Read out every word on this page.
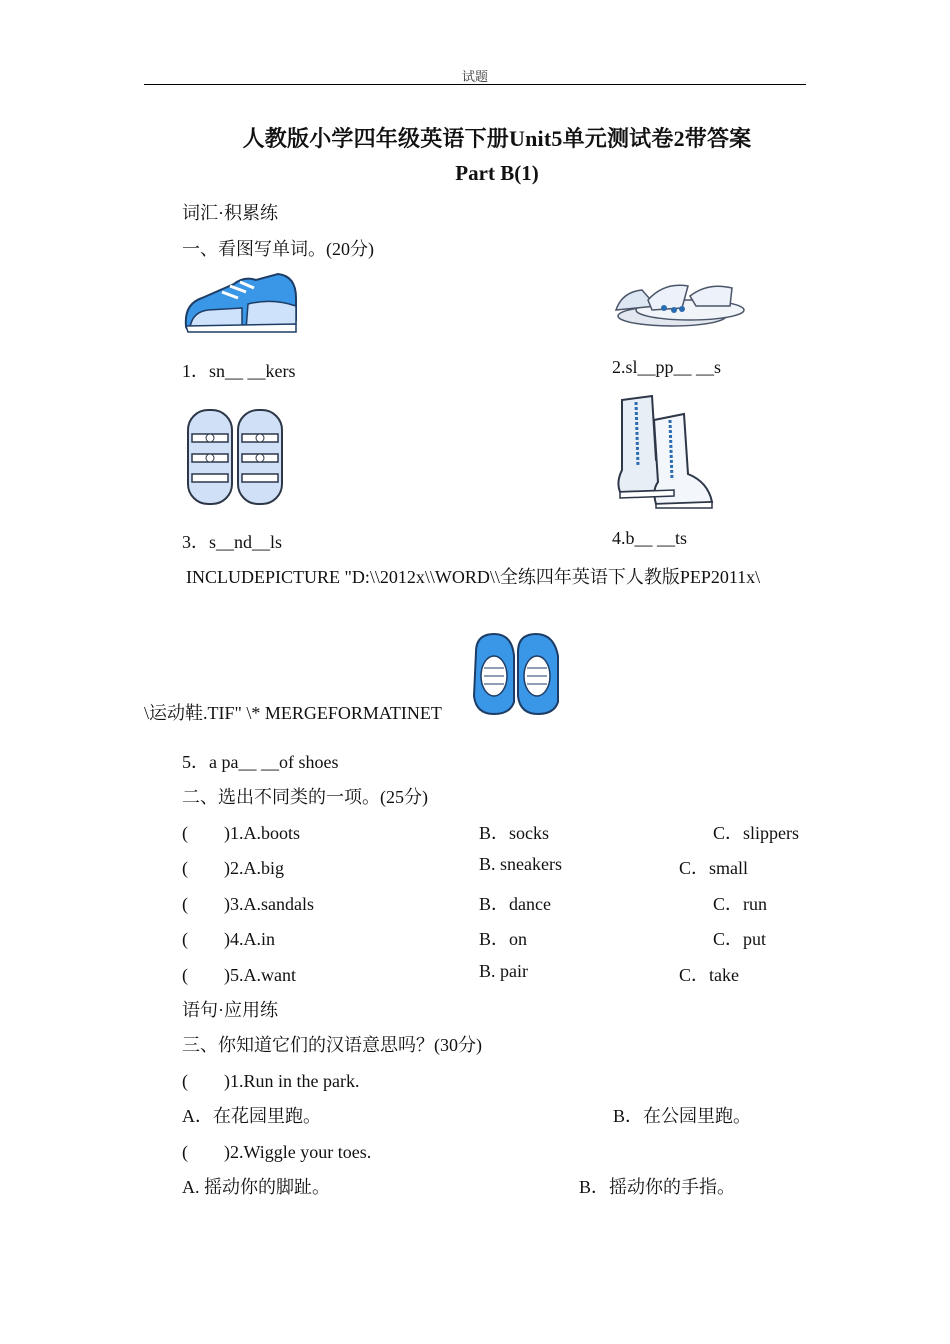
试题
人教版小学四年级英语下册Unit5单元测试卷2带答案
Part B(1)
词汇·积累练
一、看图写单词。(20分)
1．sn__ __kers	2.sl__pp__ __s
3．s__nd__ls	4.b__ __ts
INCLUDEPICTURE "D:\\2012x\\WORD\\全练四年英语下人教版PEP2011x\
\运动鞋.TIF" \* MERGEFORMATINET
5．a pa__ __of shoes
二、选出不同类的一项。(25分)
(　　)1.A.boots	B．socks	C．slippers
(　　)2.A.big	B. sneakers	C．small
(　　)3.A.sandals	B．dance	C．run
(　　)4.A.in	B．on	C．put
(　　)5.A.want	B. pair	C．take
语句·应用练
三、你知道它们的汉语意思吗？(30分)
(　　)1.Run in the park.
A．在花园里跑。	B．在公园里跑。
(　　)2.Wiggle your toes.
A. 摇动你的脚趾。	B．摇动你的手指。
